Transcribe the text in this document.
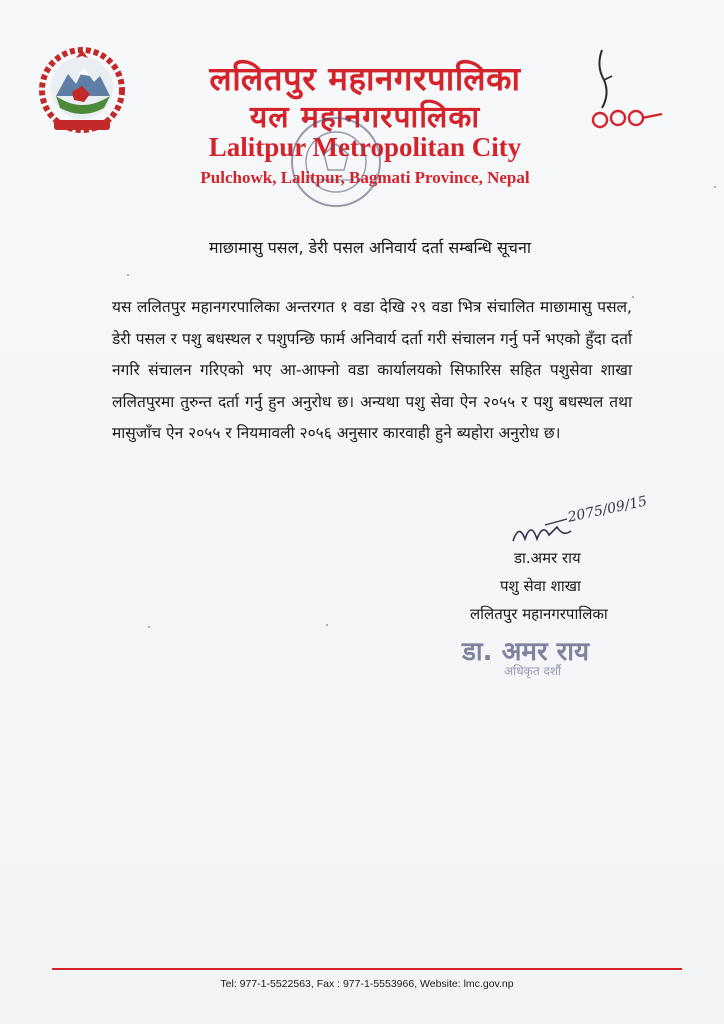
ललितपुर महानगरपालिका
यल महानगरपालिका
Lalitpur Metropolitan City
Pulchowk, Lalitpur, Bagmati Province, Nepal
माछामासु पसल, डेरी पसल अनिवार्य दर्ता सम्बन्धि सूचना
यस ललितपुर महानगरपालिका अन्तरगत १ वडा देखि २९ वडा भित्र संचालित माछामासु पसल, डेरी पसल र पशु बधस्थल र पशुपन्छि फार्म अनिवार्य दर्ता गरी संचालन गर्नु पर्ने भएको हुँदा दर्ता नगरि संचालन गरिएको भए आ-आफ्नो वडा कार्यालयको सिफारिस सहित पशुसेवा शाखा ललितपुरमा तुरुन्त दर्ता गर्नु हुन अनुरोध छ। अन्यथा पशु सेवा ऐन २०५५ र पशु बधस्थल तथा मासुजाँच ऐन २०५५ र नियमावली २०५६ अनुसार कारवाही हुने ब्यहोरा अनुरोध छ।
2075/09/15
डा.अमर राय
पशु सेवा शाखा
ललितपुर महानगरपालिका
डा. अमर राय
अधिकृत दर्शौ
Tel: 977-1-5522563, Fax : 977-1-5553966, Website: lmc.gov.np
